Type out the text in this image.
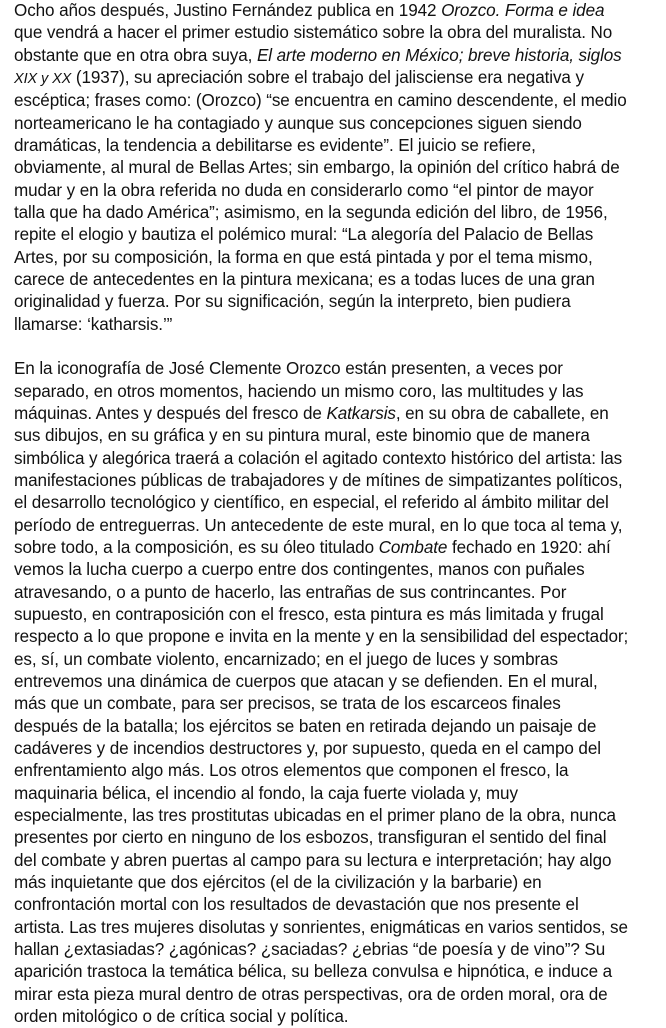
Ocho años después, Justino Fernández publica en 1942 Orozco. Forma e idea
que vendrá a hacer el primer estudio sistemático sobre la obra del muralista. No
obstante que en otra obra suya, El arte moderno en México; breve historia, siglos
XIX y XX (1937), su apreciación sobre el trabajo del jalisciense era negativa y
escéptica; frases como: (Orozco) “se encuentra en camino descendente, el medio
norteamericano le ha contagiado y aunque sus concepciones siguen siendo
dramáticas, la tendencia a debilitarse es evidente”. El juicio se refiere,
obviamente, al mural de Bellas Artes; sin embargo, la opinión del crítico habrá de
mudar y en la obra referida no duda en considerarlo como “el pintor de mayor
talla que ha dado América”; asimismo, en la segunda edición del libro, de 1956,
repite el elogio y bautiza el polémico mural: “La alegoría del Palacio de Bellas
Artes, por su composición, la forma en que está pintada y por el tema mismo,
carece de antecedentes en la pintura mexicana; es a todas luces de una gran
originalidad y fuerza. Por su significación, según la interpreto, bien pudiera
llamarse: ‘katharsis.’”
En la iconografía de José Clemente Orozco están presenten, a veces por
separado, en otros momentos, haciendo un mismo coro, las multitudes y las
máquinas. Antes y después del fresco de Katkarsis, en su obra de caballete, en
sus dibujos, en su gráfica y en su pintura mural, este binomio que de manera
simbólica y alegórica traerá a colación el agitado contexto histórico del artista: las
manifestaciones públicas de trabajadores y de mítines de simpatizantes políticos,
el desarrollo tecnológico y científico, en especial, el referido al ámbito militar del
período de entreguerras. Un antecedente de este mural, en lo que toca al tema y,
sobre todo, a la composición, es su óleo titulado Combate fechado en 1920: ahí
vemos la lucha cuerpo a cuerpo entre dos contingentes, manos con puñales
atravesando, o a punto de hacerlo, las entrañas de sus contrincantes. Por
supuesto, en contraposición con el fresco, esta pintura es más limitada y frugal
respecto a lo que propone e invita en la mente y en la sensibilidad del espectador;
es, sí, un combate violento, encarnizado; en el juego de luces y sombras
entrevemos una dinámica de cuerpos que atacan y se defienden. En el mural,
más que un combate, para ser precisos, se trata de los escarceos finales
después de la batalla; los ejércitos se baten en retirada dejando un paisaje de
cadáveres y de incendios destructores y, por supuesto, queda en el campo del
enfrentamiento algo más. Los otros elementos que componen el fresco, la
maquinaria bélica, el incendio al fondo, la caja fuerte violada y, muy
especialmente, las tres prostitutas ubicadas en el primer plano de la obra, nunca
presentes por cierto en ninguno de los esbozos, transfiguran el sentido del final
del combate y abren puertas al campo para su lectura e interpretación; hay algo
más inquietante que dos ejércitos (el de la civilización y la barbarie) en
confrontación mortal con los resultados de devastación que nos presente el
artista. Las tres mujeres disolutas y sonrientes, enigmáticas en varios sentidos, se
hallan ¿extasiadas? ¿agónicas? ¿saciadas? ¿ebrias “de poesía y de vino”? Su
aparición trastoca la temática bélica, su belleza convulsa e hipnótica, e induce a
mirar esta pieza mural dentro de otras perspectivas, ora de orden moral, ora de
orden mitológico o de crítica social y política.
